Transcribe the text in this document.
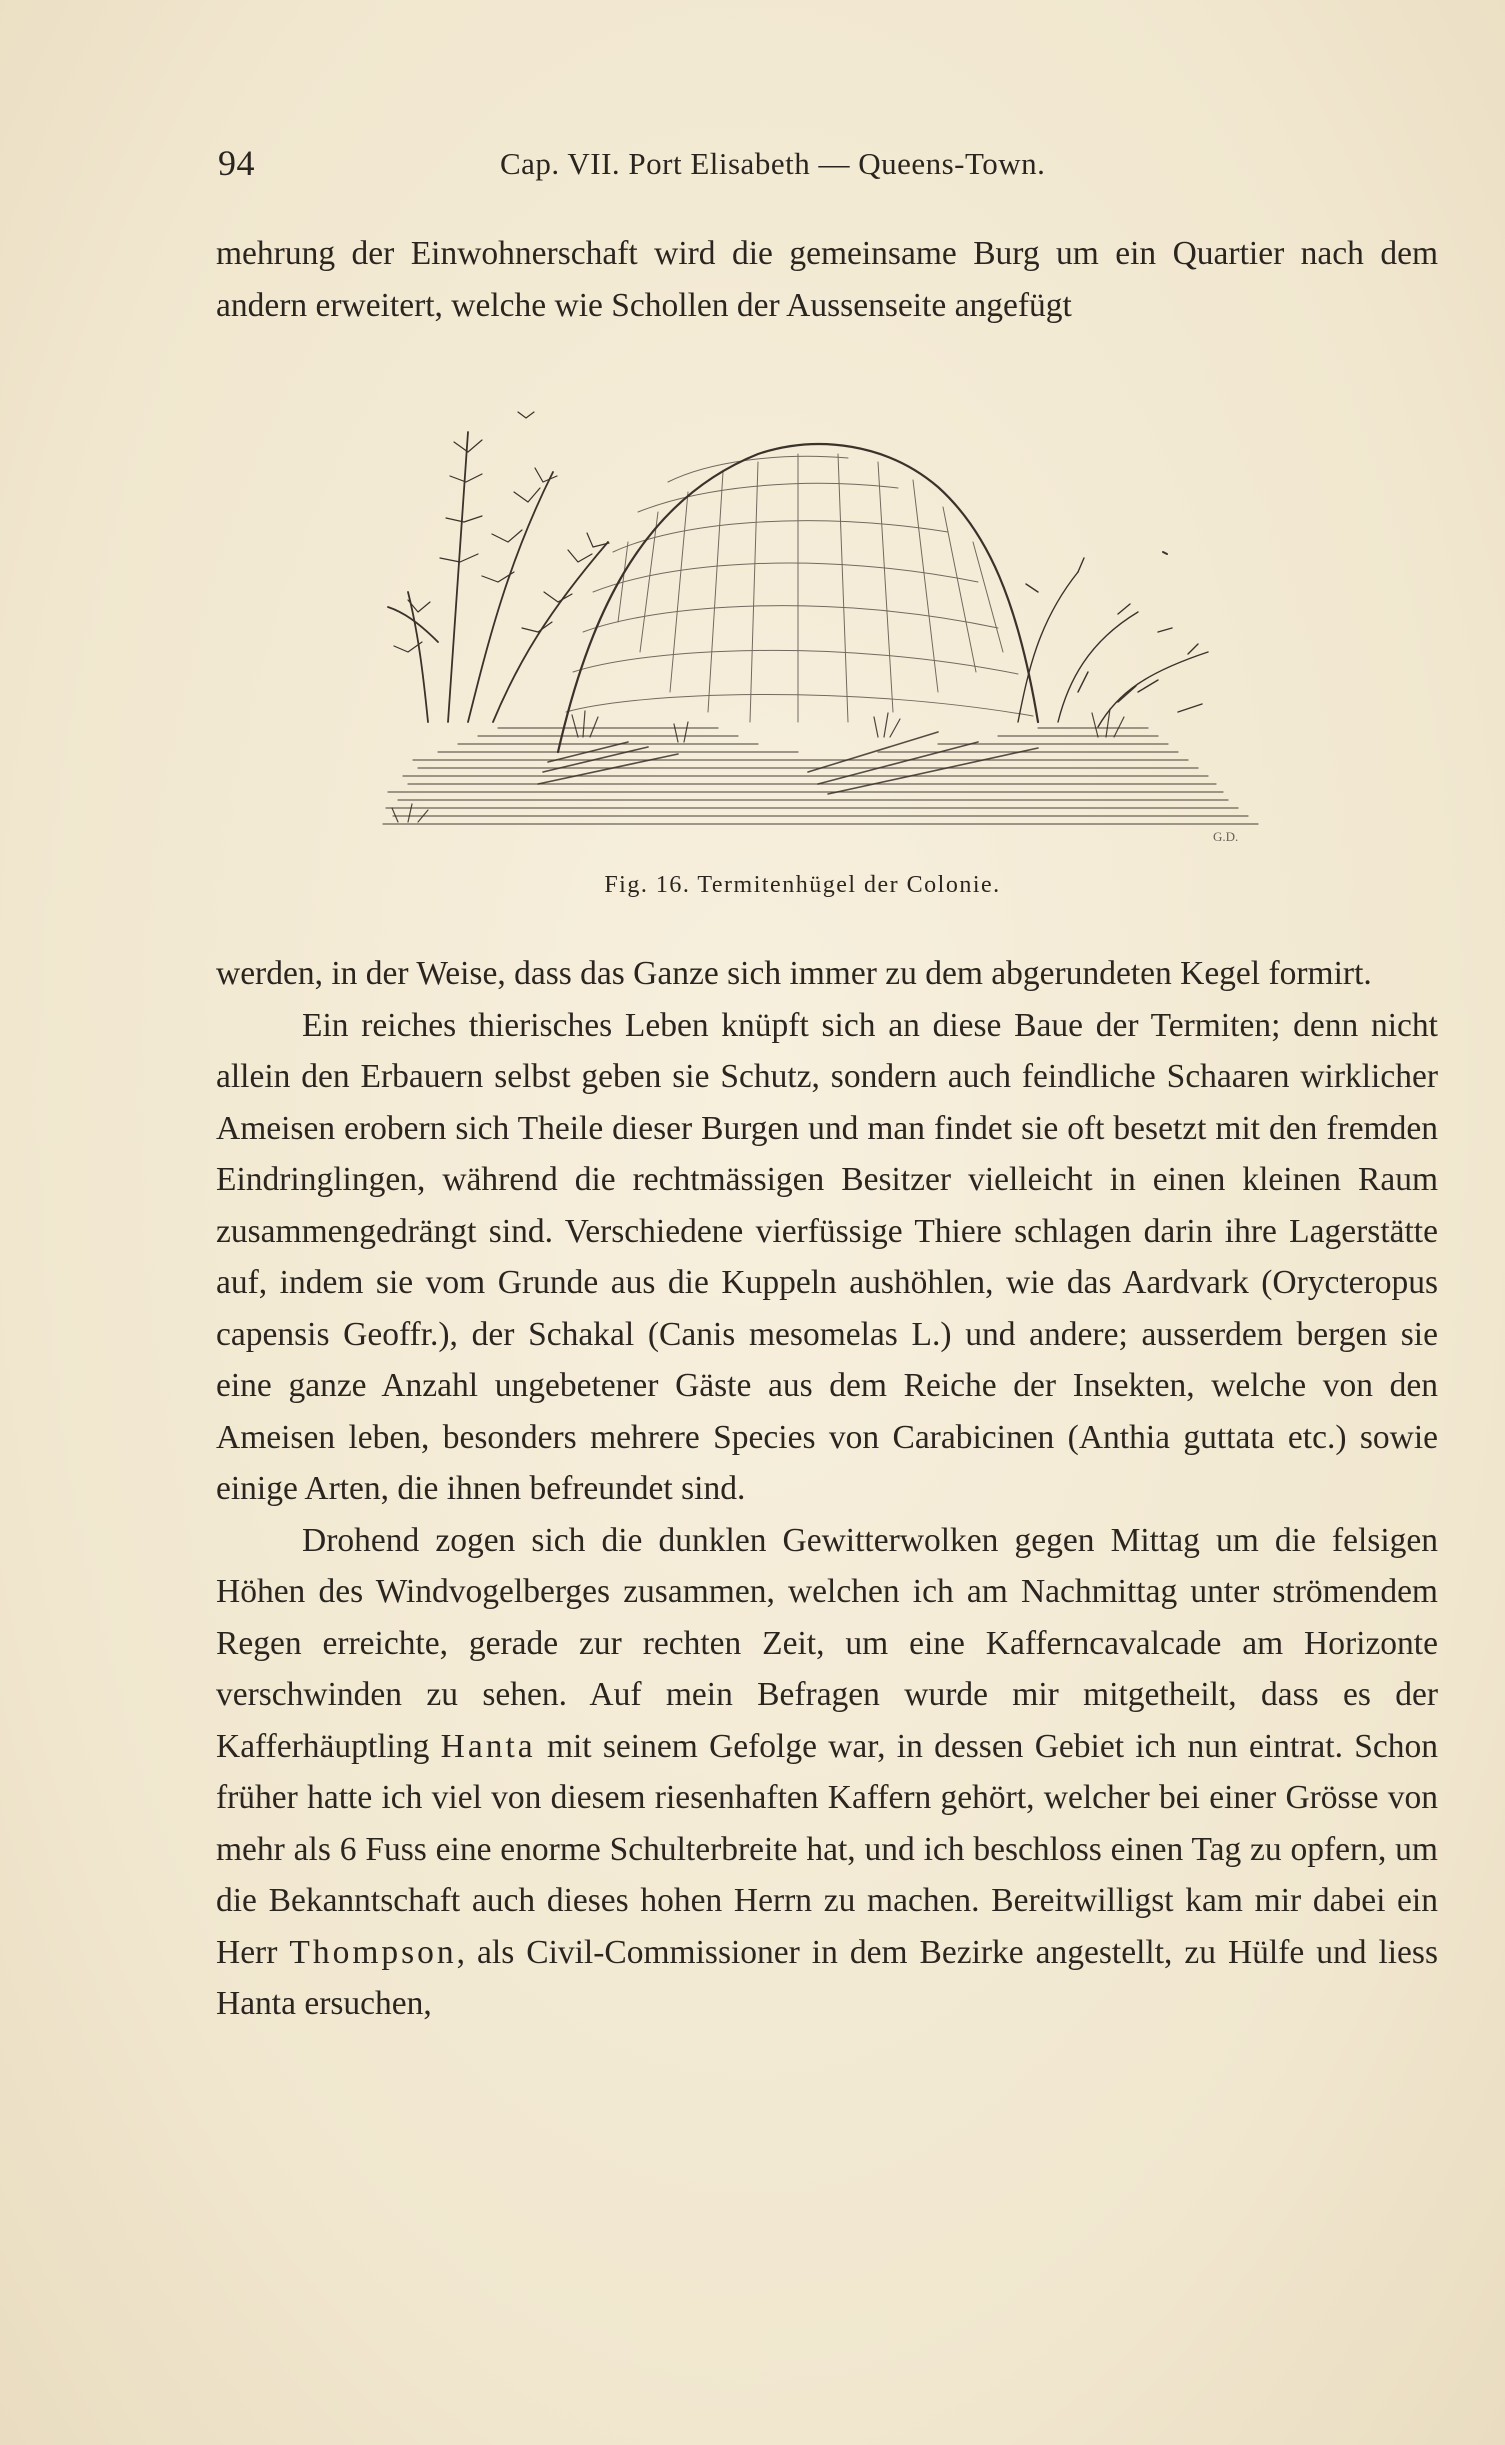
94	Cap. VII. Port Elisabeth — Queens-Town.

mehrung der Einwohnerschaft wird die gemeinsame Burg um ein Quartier nach dem andern erweitert, welche wie Schollen der Aussenseite angefügt

G.D.
Fig. 16. Termitenhügel der Colonie.

werden, in der Weise, dass das Ganze sich immer zu dem abgerundeten Kegel formirt.

Ein reiches thierisches Leben knüpft sich an diese Baue der Termiten; denn nicht allein den Erbauern selbst geben sie Schutz, sondern auch feindliche Schaaren wirklicher Ameisen erobern sich Theile dieser Burgen und man findet sie oft besetzt mit den fremden Eindringlingen, während die rechtmässigen Besitzer vielleicht in einen kleinen Raum zusammengedrängt sind. Verschiedene vierfüssige Thiere schlagen darin ihre Lagerstätte auf, indem sie vom Grunde aus die Kuppeln aushöhlen, wie das Aardvark (Orycteropus capensis Geoffr.), der Schakal (Canis mesomelas L.) und andere; ausserdem bergen sie eine ganze Anzahl ungebetener Gäste aus dem Reiche der Insekten, welche von den Ameisen leben, besonders mehrere Species von Carabicinen (Anthia guttata etc.) sowie einige Arten, die ihnen befreundet sind.

Drohend zogen sich die dunklen Gewitterwolken gegen Mittag um die felsigen Höhen des Windvogelberges zusammen, welchen ich am Nachmittag unter strömendem Regen erreichte, gerade zur rechten Zeit, um eine Kafferncavalcade am Horizonte verschwinden zu sehen. Auf mein Befragen wurde mir mitgetheilt, dass es der Kafferhäuptling Hanta mit seinem Gefolge war, in dessen Gebiet ich nun eintrat. Schon früher hatte ich viel von diesem riesenhaften Kaffern gehört, welcher bei einer Grösse von mehr als 6 Fuss eine enorme Schulterbreite hat, und ich beschloss einen Tag zu opfern, um die Bekanntschaft auch dieses hohen Herrn zu machen. Bereitwilligst kam mir dabei ein Herr Thompson, als Civil-Commissioner in dem Bezirke angestellt, zu Hülfe und liess Hanta ersuchen,
